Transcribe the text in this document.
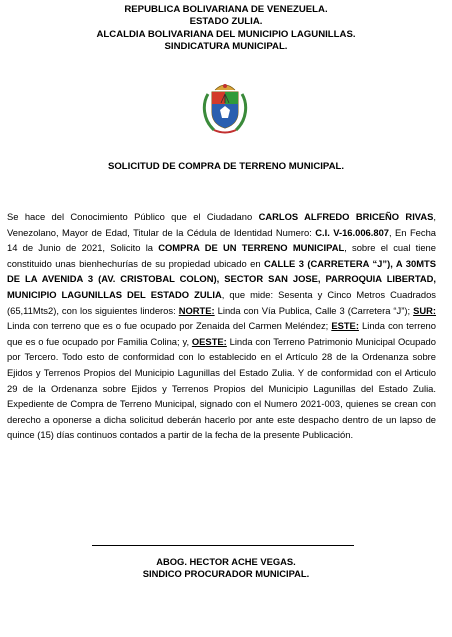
REPUBLICA BOLIVARIANA DE VENEZUELA.
ESTADO ZULIA.
ALCALDIA BOLIVARIANA DEL MUNICIPIO LAGUNILLAS.
SINDICATURA MUNICIPAL.
SOLICITUD DE COMPRA DE TERRENO MUNICIPAL.
Se hace del Conocimiento Público que el Ciudadano CARLOS ALFREDO BRICEÑO RIVAS, Venezolano, Mayor de Edad, Titular de la Cédula de Identidad Numero: C.I. V-16.006.807, En Fecha 14 de Junio de 2021, Solicito la COMPRA DE UN TERRENO MUNICIPAL, sobre el cual tiene constituido unas bienhechurías de su propiedad ubicado en CALLE 3 (CARRETERA “J”), A 30MTS DE LA AVENIDA 3 (AV. CRISTOBAL COLON), SECTOR SAN JOSE, PARROQUIA LIBERTAD, MUNICIPIO LAGUNILLAS DEL ESTADO ZULIA, que mide: Sesenta y Cinco Metros Cuadrados (65,11Mts2), con los siguientes linderos: NORTE: Linda con Vía Publica, Calle 3 (Carretera “J”); SUR: Linda con terreno que es o fue ocupado por Zenaida del Carmen Meléndez; ESTE: Linda con terreno que es o fue ocupado por Familia Colina; y, OESTE: Linda con Terreno Patrimonio Municipal Ocupado por Tercero. Todo esto de conformidad con lo establecido en el Artículo 28 de la Ordenanza sobre Ejidos y Terrenos Propios del Municipio Lagunillas del Estado Zulia. Y de conformidad con el Articulo 29 de la Ordenanza sobre Ejidos y Terrenos Propios del Municipio Lagunillas del Estado Zulia. Expediente de Compra de Terreno Municipal, signado con el Numero 2021-003, quienes se crean con derecho a oponerse a dicha solicitud deberán hacerlo por ante este despacho dentro de un lapso de quince (15) días continuos contados a partir de la fecha de la presente Publicación.
ABOG. HECTOR ACHE VEGAS.
SINDICO PROCURADOR MUNICIPAL.
